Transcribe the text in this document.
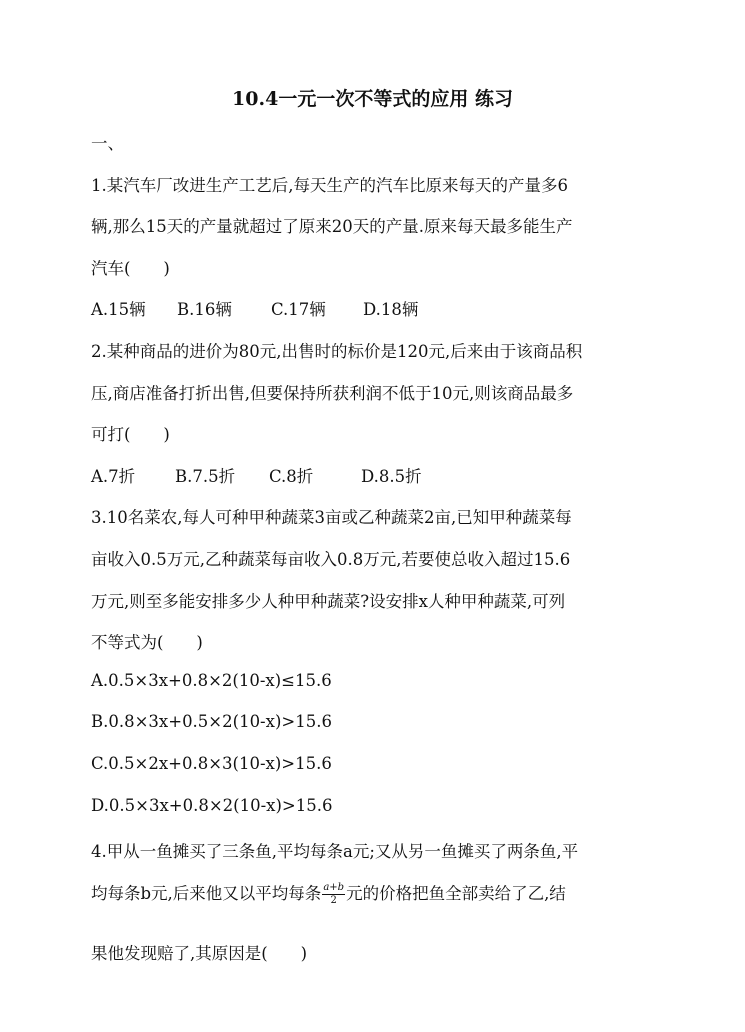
10.4一元一次不等式的应用 练习
一、
1.某汽车厂改进生产工艺后,每天生产的汽车比原来每天的产量多6
辆,那么15天的产量就超过了原来20天的产量.原来每天最多能生产
汽车(　　)
A.15辆 B.16辆 C.17辆 D.18辆
2.某种商品的进价为80元,出售时的标价是120元,后来由于该商品积
压,商店准备打折出售,但要保持所获利润不低于10元,则该商品最多
可打(　　)
A.7折 B.7.5折 C.8折	D.8.5折
3.10名菜农,每人可种甲种蔬菜3亩或乙种蔬菜2亩,已知甲种蔬菜每
亩收入0.5万元,乙种蔬菜每亩收入0.8万元,若要使总收入超过15.6
万元,则至多能安排多少人种甲种蔬菜?设安排x人种甲种蔬菜,可列
不等式为(　　)
A.0.5×3x+0.8×2(10-x)≤15.6
B.0.8×3x+0.5×2(10-x)>15.6
C.0.5×2x+0.8×3(10-x)>15.6
D.0.5×3x+0.8×2(10-x)>15.6
4.甲从一鱼摊买了三条鱼,平均每条a元;又从另一鱼摊买了两条鱼,平
均每条b元,后来他又以平均每条 $\frac{a+b}{2}$ 元的价格把鱼全部卖给了乙,结
果他发现赔了,其原因是(　　)
